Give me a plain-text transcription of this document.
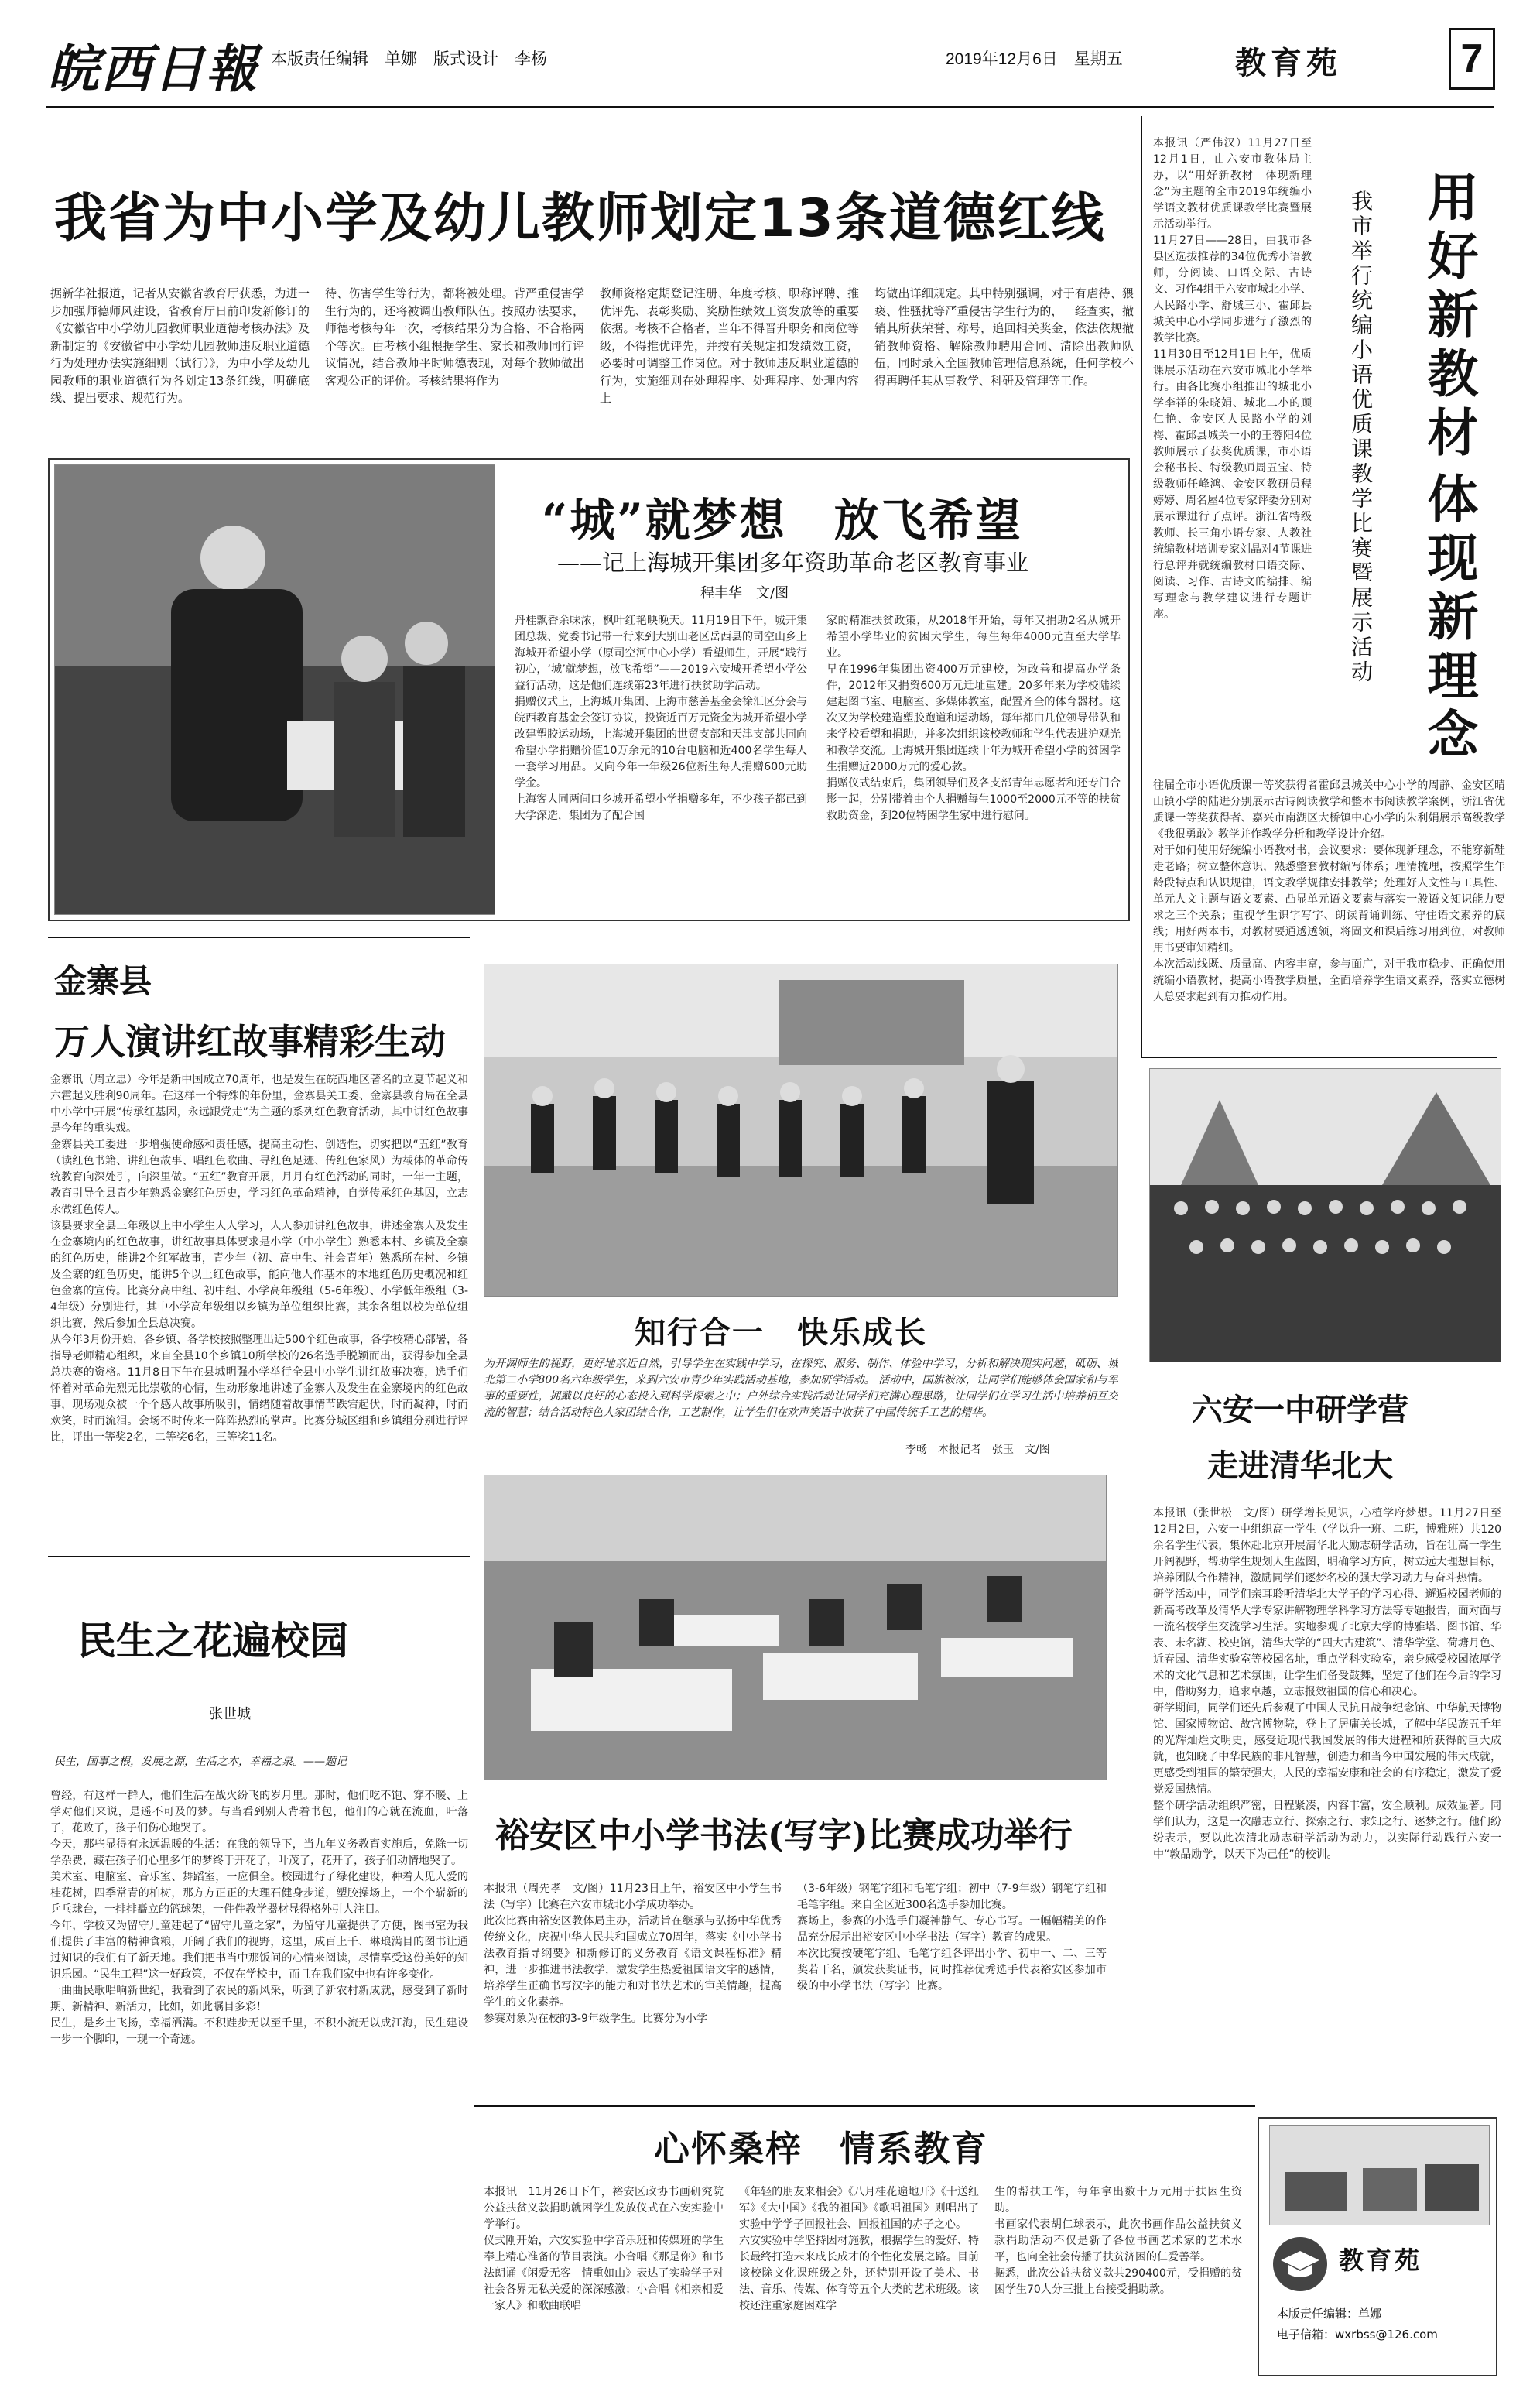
皖西日報 本版责任编辑　单娜　版式设计　李杨	2019年12月6日　星期五	教育苑	7
我省为中小学及幼儿教师划定13条道德红线
据新华社报道，记者从安徽省教育厅获悉，为进一步加强师德师风建设，省教育厅日前印发新修订的《安徽省中小学幼儿园教师职业道德考核办法》及新制定的《安徽省中小学幼儿园教师违反职业道德行为处理办法实施细则（试行）》，为中小学及幼儿园教师的职业道德行为各划定13条红线，明确底线、提出要求、规范行为。
待、伤害学生等行为，都将被处理。背严重侵害学生行为的，还将被调出教师队伍。按照办法要求，师德考核每年一次，考核结果分为合格、不合格两个等次。由考核小组根据学生、家长和教师同行评议情况，结合教师平时师德表现，对每个教师做出客观公正的评价。考核结果将作为
教师资格定期登记注册、年度考核、职称评聘、推优评先、表彰奖励、奖励性绩效工资发放等的重要依据。考核不合格者，当年不得晋升职务和岗位等级，不得推优评先，并按有关规定扣发绩效工资，必要时可调整工作岗位。对于教师违反职业道德的行为，实施细则在处理程序、处理程序、处理内容上
均做出详细规定。其中特别强调，对于有虐待、猥亵、性骚扰等严重侵害学生行为的，一经查实，撤销其所获荣誉、称号，追回相关奖金，依法依规撤销教师资格、解除教师聘用合同、清除出教师队伍，同时录入全国教师管理信息系统，任何学校不得再聘任其从事教学、科研及管理等工作。
“城”就梦想　放飞希望
——记上海城开集团多年资助革命老区教育事业
程丰华　文/图
丹桂飘香余味浓，枫叶红艳映晚天。11月19日下午，城开集团总裁、党委书记带一行来到大别山老区岳西县的司空山乡上海城开希望小学（原司空河中心小学）看望师生，开展“践行初心，‘城’就梦想，放飞希望”——2019六安城开希望小学公益行活动，这是他们连续第23年进行扶贫助学活动。
捐赠仪式上，上海城开集团、上海市慈善基金会徐汇区分会与皖西教育基金会签订协议，投资近百万元资金为城开希望小学改建塑胶运动场，上海城开集团的世贸支部和天津支部共同向希望小学捐赠价值10万余元的10台电脑和近400名学生每人一套学习用品。又向今年一年级26位新生每人捐赠600元助学金。
上海客人同两间口乡城开希望小学捐赠多年，不少孩子都已到大学深造，集团为了配合国
家的精准扶贫政策，从2018年开始，每年又捐助2名从城开希望小学毕业的贫困大学生，每生每年4000元直至大学毕业。
早在1996年集团出资400万元建校，为改善和提高办学条件，2012年又捐资600万元迁址重建。20多年来为学校陆续建起图书室、电脑室、多媒体教室，配置齐全的体育器材。这次又为学校建造塑胶跑道和运动场，每年都由几位领导带队和来学校看望和捐助，并多次组织该校教师和学生代表进沪观光和教学交流。上海城开集团连续十年为城开希望小学的贫困学生捐赠近2000万元的爱心款。
捐赠仪式结束后，集团领导们及各支部青年志愿者和还专门合影一起，分别带着由个人捐赠每生1000至2000元不等的扶贫救助资金，到20位特困学生家中进行慰问。
本报讯（严伟汉）11月27日至12月1日，由六安市教体局主办，以“用好新教材　体现新理念”为主题的全市2019年统编小学语文教材优质课教学比赛暨展示活动举行。
11月27日——28日，由我市各县区选拔推荐的34位优秀小语教师，分阅读、口语交际、古诗文、习作4组于六安市城北小学、人民路小学、舒城三小、霍邱县城关中心小学同步进行了激烈的教学比赛。
11月30日至12月1日上午，优质课展示活动在六安市城北小学举行。由各比赛小组推出的城北小学李祥的朱晓娟、城北二小的顾仁艳、金安区人民路小学的刘梅、霍邱县城关一小的王蓉阳4位教师展示了获奖优质课，市小语会秘书长、特级教师周五宝、特级教师任峰鸿、金安区教研员程婷婷、周名屋4位专家评委分别对展示课进行了点评。浙江省特级教师、长三角小语专家、人教社统编教材培训专家刘晶对4节课进行总评并就统编教材口语交际、阅读、习作、古诗文的编排、编写理念与教学建议进行专题讲座。
用好新教材
体现新理念
我市举行统编小语优质课教学比赛暨展示活动
往届全市小语优质课一等奖获得者霍邱县城关中心小学的周静、金安区晴山镇小学的陆进分别展示古诗阅读教学和整本书阅读教学案例，浙江省优质课一等奖获得者、嘉兴市南湖区大桥镇中心小学的朱利娟展示高级教学《我很勇敢》教学并作教学分析和教学设计介绍。
对于如何使用好统编小语教材书，会议要求：要体现新理念，不能穿新鞋走老路；树立整体意识，熟悉整套教材编写体系；理清梳理，按照学生年龄段特点和认识规律，语文教学规律安排教学；处理好人文性与工具性、单元人文主题与语文要素、凸显单元语文要素与落实一般语文知识能力要求之三个关系；重视学生识字写字、朗读背诵训练、守住语文素养的底线；用好两本书，对教材要通透透领，将固文和课后练习用到位，对教师用书要审知精细。
本次活动线既、质量高、内容丰富，参与面广，对于我市稳步、正确使用统编小语教材，提高小语教学质量，全面培养学生语文素养，落实立德树人总要求起到有力推动作用。
金寨县
万人演讲红故事精彩生动
金寨讯（周立忠）今年是新中国成立70周年，也是发生在皖西地区著名的立夏节起义和六霍起义胜利90周年。在这样一个特殊的年份里，金寨县关工委、金寨县教育局在全县中小学中开展“传承红基因，永远跟党走”为主题的系列红色教育活动，其中讲红色故事是今年的重头戏。
金寨县关工委进一步增强使命感和责任感，提高主动性、创造性，切实把以“五红”教育（读红色书籍、讲红色故事、唱红色歌曲、寻红色足迹、传红色家风）为载体的革命传统教育向深处引，向深里做。“五红”教育开展，月月有红色活动的同时，一年一主题，教育引导全县青少年熟悉金寨红色历史，学习红色革命精神，自觉传承红色基因，立志永做红色传人。
该县要求全县三年级以上中小学生人人学习，人人参加讲红色故事，讲述金寨人及发生在金寨境内的红色故事，讲红故事具体要求是小学（中小学生）熟悉本村、乡镇及全寨的红色历史，能讲2个红军故事，青少年（初、高中生、社会青年）熟悉所在村、乡镇及全寨的红色历史，能讲5个以上红色故事，能向他人作基本的本地红色历史概况和红色金寨的宣传。比赛分高中组、初中组、小学高年级组（5-6年级）、小学低年级组（3-4年级）分别进行，其中小学高年级组以乡镇为单位组织比赛，其余各组以校为单位组织比赛，然后参加全县总决赛。
从今年3月份开始，各乡镇、各学校按照整理出近500个红色故事，各学校精心部署，各指导老师精心组织，来自全县10个乡镇10所学校的26名选手脱颖而出，获得参加全县总决赛的资格。11月8日下午在县城明强小学举行全县中小学生讲红故事决赛，选手们怀着对革命先烈无比崇敬的心情，生动形象地讲述了金寨人及发生在金寨境内的红色故事，现场观众被一个个感人故事所吸引，情绪随着故事情节跌宕起伏，时而凝神，时而欢笑，时而流泪。会场不时传来一阵阵热烈的掌声。比赛分城区组和乡镇组分别进行评比，评出一等奖2名，二等奖6名，三等奖11名。
民生之花遍校园
张世城
民生，国事之根，发展之源，生活之本，幸福之泉。——题记
曾经，有这样一群人，他们生活在战火纷飞的岁月里。那时，他们吃不饱、穿不暖、上学对他们来说，是遥不可及的梦。与当看到别人背着书包，他们的心就在流血，叶落了，花败了，孩子们伤心地哭了。
今天，那些显得有永远温暖的生活：在我的领导下，当九年义务教育实施后，免除一切学杂费，藏在孩子们心里多年的梦终于开花了，叶茂了，花开了，孩子们动情地哭了。
美术室、电脑室、音乐室、舞蹈室，一应俱全。校园进行了绿化建设，种着人见人爱的桂花树，四季常青的柏树，那方方正正的大理石健身步道，塑胶操场上，一个个崭新的乒乓球台，一排排矗立的篮球架，一件件教学器材显得格外引人注目。
今年，学校又为留守儿童建起了“留守儿童之家”，为留守儿童提供了方便，图书室为我们提供了丰富的精神食粮，开阔了我们的视野，这里，成百上千、琳琅满目的图书让通过知识的我们有了新天地。我们把书当中那饭问的心情来阅读，尽情享受这份美好的知识乐园。“民生工程”这一好政策，不仅在学校中，而且在我们家中也有许多变化。
一曲曲民歌唱响新世纪，我看到了农民的新风采，听到了新农村新成就，感受到了新时期、新精神、新活力，比如，如此瞩目多彩！
民生，是乡土飞扬，幸福洒满。不积跬步无以至千里，不积小流无以成江海，民生建设一步一个脚印，一现一个奇迹。
知行合一　快乐成长
为开阔师生的视野，更好地亲近自然，引导学生在实践中学习，在探究、服务、制作、体验中学习，分析和解决现实问题，砥砺、城北第二小学800名六年级学生，来到六安市青少年实践活动基地，参加研学活动。 活动中，国旗被冰，让同学们能够体会国家和与军事的重要性，拥戴以良好的心态投入到科学探索之中；户外综合实践活动让同学们充满心理思路，让同学们在学习生活中培养相互交流的智慧；结合活动特色大家团结合作，工艺制作，让学生们在欢声笑语中收获了中国传统手工艺的精华。
李畅　本报记者　张玉　文/图
裕安区中小学书法(写字)比赛成功举行
本报讯（周先孝　文/图）11月23日上午，裕安区中小学生书法（写字）比赛在六安市城北小学成功举办。
此次比赛由裕安区教体局主办，活动旨在继承与弘扬中华优秀传统文化，庆祝中华人民共和国成立70周年，落实《中小学书法教育指导纲要》和新修订的义务教育《语文课程标准》精神，进一步推进书法教学，激发学生热爱祖国语文字的感情，培养学生正确书写汉字的能力和对书法艺术的审美情趣，提高学生的文化素养。
参赛对象为在校的3-9年级学生。比赛分为小学
（3-6年级）钢笔字组和毛笔字组；初中（7-9年级）钢笔字组和毛笔字组。来自全区近300名选手参加比赛。
赛场上，参赛的小选手们凝神静气、专心书写。一幅幅精美的作品充分展示出裕安区中小学书法（写字）教育的成果。
本次比赛按硬笔字组、毛笔字组各评出小学、初中一、二、三等奖若干名，颁发获奖证书，同时推荐优秀选手代表裕安区参加市级的中小学书法（写字）比赛。
心怀桑梓　情系教育
本报讯　11月26日下午，裕安区政协书画研究院公益扶贫义款捐助就困学生发放仪式在六安实验中学举行。
仪式刚开始，六安实验中学音乐班和传媒班的学生奉上精心准备的节目表演。小合唱《那是你》和书法朗诵《闲爱无客　情重如山》表达了实验学子对社会各界无私关爱的深深感激；小合唱《相亲相爱一家人》和歌曲联唱
《年轻的朋友来相会》《八月桂花遍地开》《十送红军》《大中国》《我的祖国》《歌唱祖国》则唱出了实验中学学子回报社会、回报祖国的赤子之心。
六安实验中学坚持因材施教，根据学生的爱好、特长最终打造未来成长成才的个性化发展之路。目前该校除文化课班级之外，还特别开设了美术、书法、音乐、传媒、体育等五个大类的艺术班级。该校还注重家庭困难学
生的帮扶工作，每年拿出数十万元用于扶困生资助。
书画家代表胡仁球表示，此次书画作品公益扶贫义款捐助活动不仅是新了各位书画艺术家的艺术水平，也向全社会传播了扶贫济困的仁爱善举。
据悉，此次公益扶贫义款共290400元，受捐赠的贫困学生70人分三批上台接受捐助款。
六安一中研学营
走进清华北大
本报讯（张世松　文/图）研学增长见识，心植学府梦想。11月27日至12月2日，六安一中组织高一学生（学以升一班、二班，博雅班）共120余名学生代表，集体赴北京开展清华北大励志研学活动，旨在让高一学生开阔视野，帮助学生规划人生蓝图，明确学习方向，树立远大理想目标，培养团队合作精神，激励同学们逐梦名校的强大学习动力与奋斗热情。
研学活动中，同学们亲耳聆听清华北大学子的学习心得、邂逅校园老师的新高考改革及清华大学专家讲解物理学科学习方法等专题报告，面对面与一流名校学生交流学习生活。实地参观了北京大学的博雅塔、图书馆、华表、未名湖、校史馆，清华大学的“四大古建筑”、清华学堂、荷塘月色、近春园、清华实验室等校园名址，重点学科实验室，亲身感受校园浓厚学术的文化气息和艺术氛围，让学生们备受鼓舞，坚定了他们在今后的学习中，借助努力，追求卓越，立志报效祖国的信心和决心。
研学期间，同学们还先后参观了中国人民抗日战争纪念馆、中华航天博物馆、国家博物馆、故宫博物院，登上了居庸关长城，了解中华民族五千年的光辉灿烂文明史，感受近现代我国发展的伟大进程和所获得的巨大成就，也知晓了中华民族的非凡智慧，创造力和当今中国发展的伟大成就，更感受到祖国的繁荣强大，人民的幸福安康和社会的有序稳定，激发了爱党爱国热情。
整个研学活动组织严密，日程紧凑，内容丰富，安全顺利。成效显著。同学们认为，这是一次融志立行、探索之行、求知之行、逐梦之行。他们纷纷表示，要以此次清北励志研学活动为动力，以实际行动践行六安一中“敦品励学，以天下为己任”的校训。
教育苑
本版责任编辑：单娜
电子信箱：wxrbss@126.com
